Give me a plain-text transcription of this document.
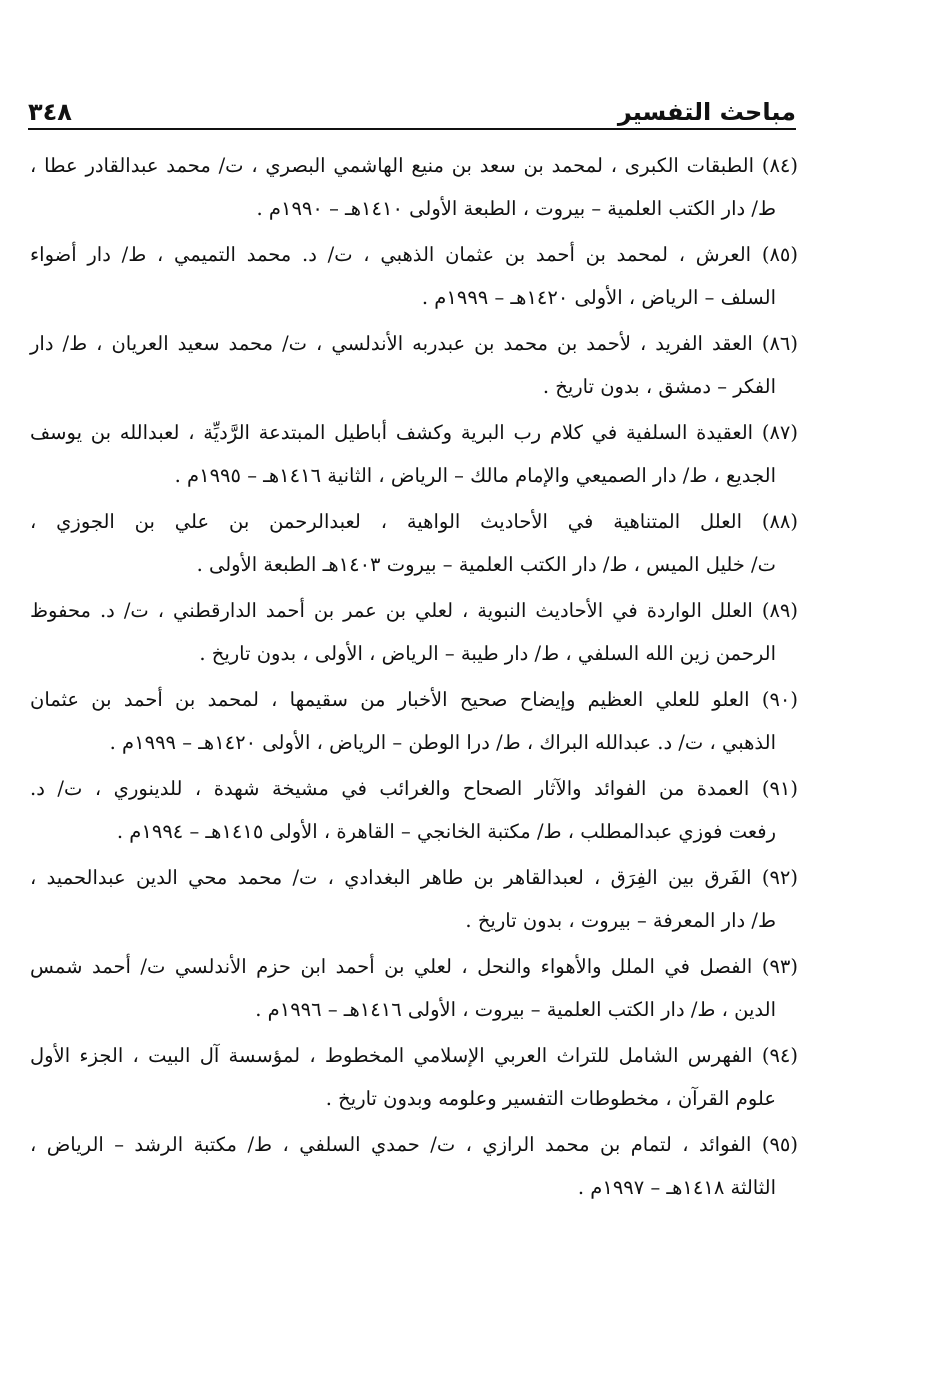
مباحث التفسير
٣٤٨
(٨٤) الطبقات الكبرى ، لمحمد بن سعد بن منيع الهاشمي البصري ، ت/ محمد عبدالقادر عطا ،
ط/ دار الكتب العلمية – بيروت ، الطبعة الأولى ١٤١٠هـ – ١٩٩٠م .
(٨٥) العرش ، لمحمد بن أحمد بن عثمان الذهبي ، ت/ د. محمد التميمي ، ط/ دار أضواء
السلف – الرياض ، الأولى ١٤٢٠هـ – ١٩٩٩م .
(٨٦) العقد الفريد ، لأحمد بن محمد بن عبدربه الأندلسي ، ت/ محمد سعيد العريان ، ط/ دار
الفكر – دمشق ، بدون تاريخ .
(٨٧) العقيدة السلفية في كلام رب البرية وكشف أباطيل المبتدعة الرَّديِّة ، لعبدالله بن يوسف
الجديع ، ط/ دار الصميعي والإمام مالك – الرياض ، الثانية ١٤١٦هـ – ١٩٩٥م .
(٨٨) العلل المتناهية في الأحاديث الواهية ، لعبدالرحمن بن علي بن الجوزي ،
ت/ خليل الميس ، ط/ دار الكتب العلمية – بيروت ١٤٠٣هـ الطبعة الأولى .
(٨٩) العلل الواردة في الأحاديث النبوية ، لعلي بن عمر بن أحمد الدارقطني ، ت/ د. محفوظ
الرحمن زين الله السلفي ، ط/ دار طيبة – الرياض ، الأولى ، بدون تاريخ .
(٩٠) العلو للعلي العظيم وإيضاح صحيح الأخبار من سقيمها ، لمحمد بن أحمد بن عثمان
الذهبي ، ت/ د. عبدالله البراك ، ط/ درا الوطن – الرياض ، الأولى ١٤٢٠هـ – ١٩٩٩م .
(٩١) العمدة من الفوائد والآثار الصحاح والغرائب في مشيخة شهدة ، للدينوري ، ت/ د.
رفعت فوزي عبدالمطلب ، ط/ مكتبة الخانجي – القاهرة ، الأولى ١٤١٥هـ – ١٩٩٤م .
(٩٢) الفَرق بين الفِرَق ، لعبدالقاهر بن طاهر البغدادي ، ت/ محمد محي الدين عبدالحميد ،
ط/ دار المعرفة – بيروت ، بدون تاريخ .
(٩٣) الفصل في الملل والأهواء والنحل ، لعلي بن أحمد ابن حزم الأندلسي ت/ أحمد شمس
الدين ، ط/ دار الكتب العلمية – بيروت ، الأولى ١٤١٦هـ – ١٩٩٦م .
(٩٤) الفهرس الشامل للتراث العربي الإسلامي المخطوط ، لمؤسسة آل البيت ، الجزء الأول
علوم القرآن ، مخطوطات التفسير وعلومه وبدون تاريخ .
(٩٥) الفوائد ، لتمام بن محمد الرازي ، ت/ حمدي السلفي ، ط/ مكتبة الرشد – الرياض ،
الثالثة ١٤١٨هـ – ١٩٩٧م .
